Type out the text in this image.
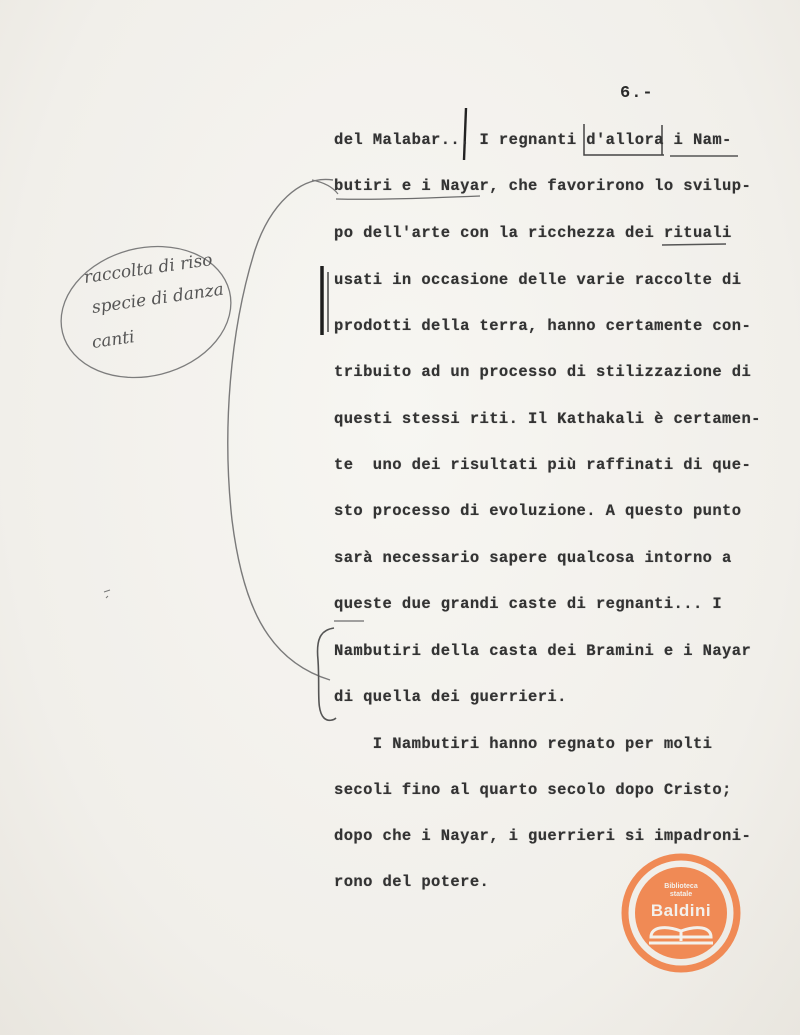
6.-
del Malabar... I regnanti d'allora i Nam-
butiri e i Nayar, che favorirono lo svilup-
po dell'arte con la ricchezza dei rituali
usati in occasione delle varie raccolte di
prodotti della terra, hanno certamente con-
tribuito ad un processo di stilizzazione di
questi stessi riti. Il Kathakali è certamen-
te  uno dei risultati più raffinati di que-
sto processo di evoluzione. A questo punto
sarà necessario sapere qualcosa intorno a
queste due grandi caste di regnanti... I
Nambutiri della casta dei Bramini e i Nayar
di quella dei guerrieri.
I Nambutiri hanno regnato per molti
secoli fino al quarto secolo dopo Cristo;
dopo che i Nayar, i guerrieri si impadroni-
rono del potere.
raccolta di riso
specie di danza
canti
Biblioteca
statale
Baldini
